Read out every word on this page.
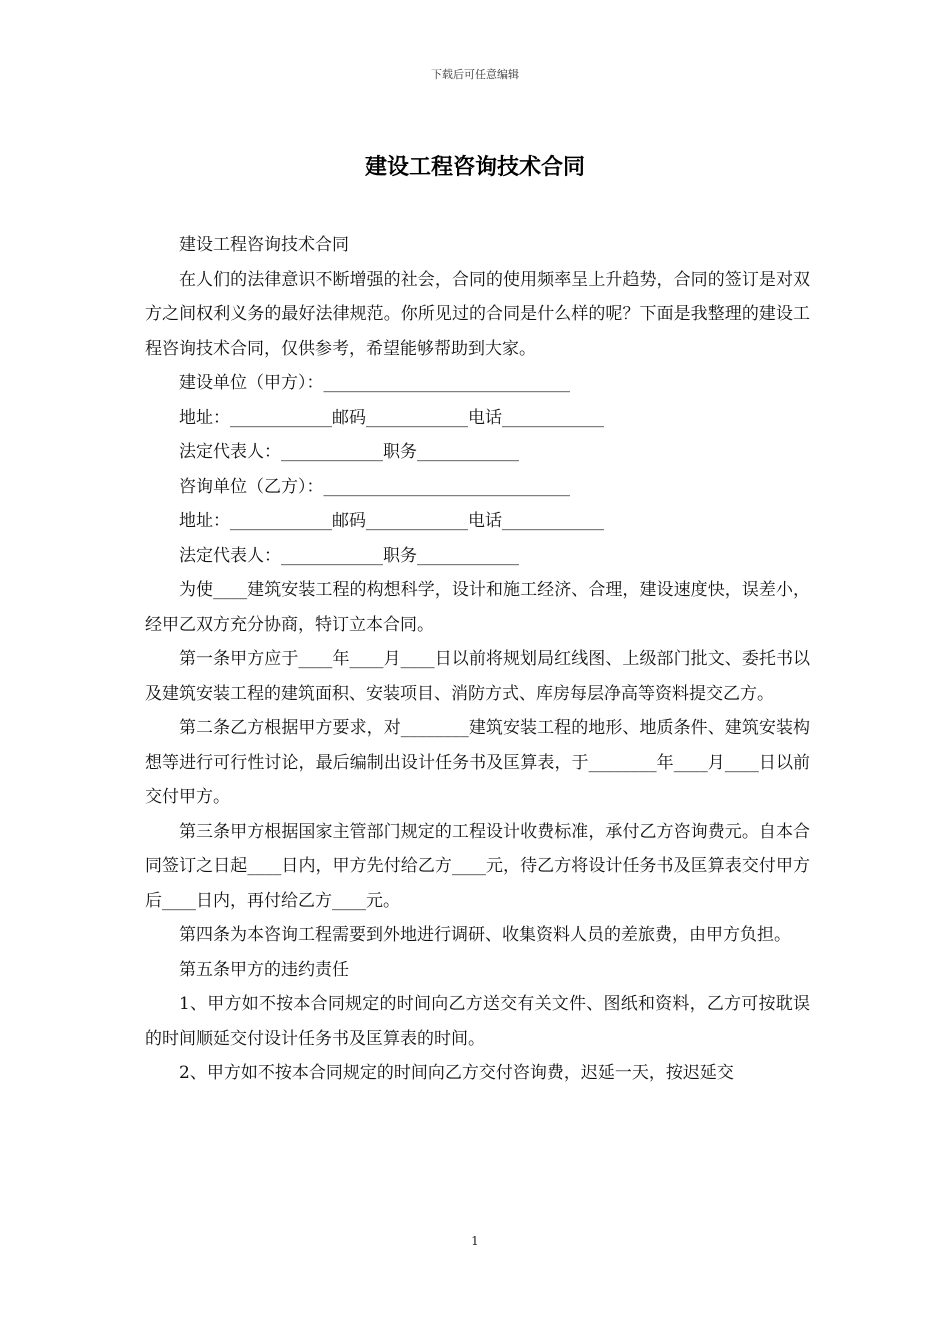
下载后可任意编辑
建设工程咨询技术合同

建设工程咨询技术合同

在人们的法律意识不断增强的社会，合同的使用频率呈上升趋势，合同的签订是对双方之间权利义务的最好法律规范。你所见过的合同是什么样的呢？下面是我整理的建设工程咨询技术合同，仅供参考，希望能够帮助到大家。

建设单位（甲方）：_____________________________

地址：____________邮码____________电话____________

法定代表人：____________职务____________

咨询单位（乙方）：_____________________________

地址：____________邮码____________电话____________

法定代表人：____________职务____________

为使____建筑安装工程的构想科学，设计和施工经济、合理，建设速度快，误差小，经甲乙双方充分协商，特订立本合同。

第一条甲方应于____年____月____日以前将规划局红线图、上级部门批文、委托书以及建筑安装工程的建筑面积、安装项目、消防方式、库房每层净高等资料提交乙方。

第二条乙方根据甲方要求，对________建筑安装工程的地形、地质条件、建筑安装构想等进行可行性讨论，最后编制出设计任务书及匡算表，于________年____月____日以前交付甲方。

第三条甲方根据国家主管部门规定的工程设计收费标准，承付乙方咨询费元。自本合同签订之日起____日内，甲方先付给乙方____元，待乙方将设计任务书及匡算表交付甲方后____日内，再付给乙方____元。

第四条为本咨询工程需要到外地进行调研、收集资料人员的差旅费，由甲方负担。

第五条甲方的违约责任

1、甲方如不按本合同规定的时间向乙方送交有关文件、图纸和资料，乙方可按耽误的时间顺延交付设计任务书及匡算表的时间。

2、甲方如不按本合同规定的时间向乙方交付咨询费，迟延一天，按迟延交

1
